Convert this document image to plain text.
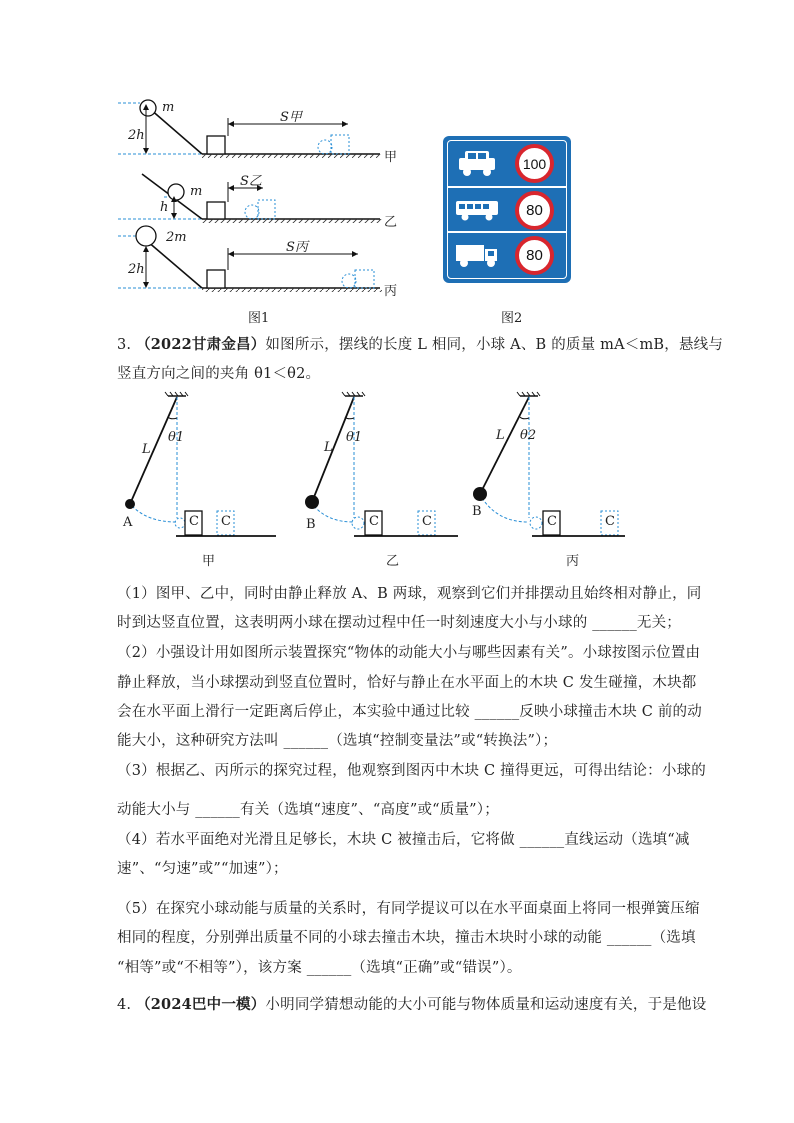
m
2h
S甲
甲
m
h
S乙
乙
2m
2h
S丙
丙
图1
100
80
80
图2
3. （2022甘肃金昌）如图所示，摆线的长度 L 相同，小球 A、B 的质量 mA＜mB，悬线与
竖直方向之间的夹角 θ1＜θ2。
L
θ1
A	C C
甲
L
θ1
B	C	C
乙
L θ2
B
C	C
丙
（1）图甲、乙中，同时由静止释放 A、B 两球，观察到它们并排摆动且始终相对静止，同
时到达竖直位置，这表明两小球在摆动过程中任一时刻速度大小与小球的 ______无关；
（2）小强设计用如图所示装置探究“物体的动能大小与哪些因素有关”。小球按图示位置由
静止释放，当小球摆动到竖直位置时，恰好与静止在水平面上的木块 C 发生碰撞，木块都
会在水平面上滑行一定距离后停止，本实验中通过比较 ______反映小球撞击木块 C 前的动
能大小，这种研究方法叫 ______（选填“控制变量法”或“转换法”）；
（3）根据乙、丙所示的探究过程，他观察到图丙中木块 C 撞得更远，可得出结论：小球的
动能大小与 ______有关（选填“速度”、“高度”或“质量”）；
（4）若水平面绝对光滑且足够长，木块 C 被撞击后，它将做 ______直线运动（选填“减
速”、“匀速”或”“加速”）；
（5）在探究小球动能与质量的关系时，有同学提议可以在水平面桌面上将同一根弹簧压缩
相同的程度，分别弹出质量不同的小球去撞击木块，撞击木块时小球的动能 ______（选填
“相等”或“不相等”），该方案 ______（选填“正确”或“错误”）。
4. （2024巴中一模）小明同学猜想动能的大小可能与物体质量和运动速度有关，于是他设
